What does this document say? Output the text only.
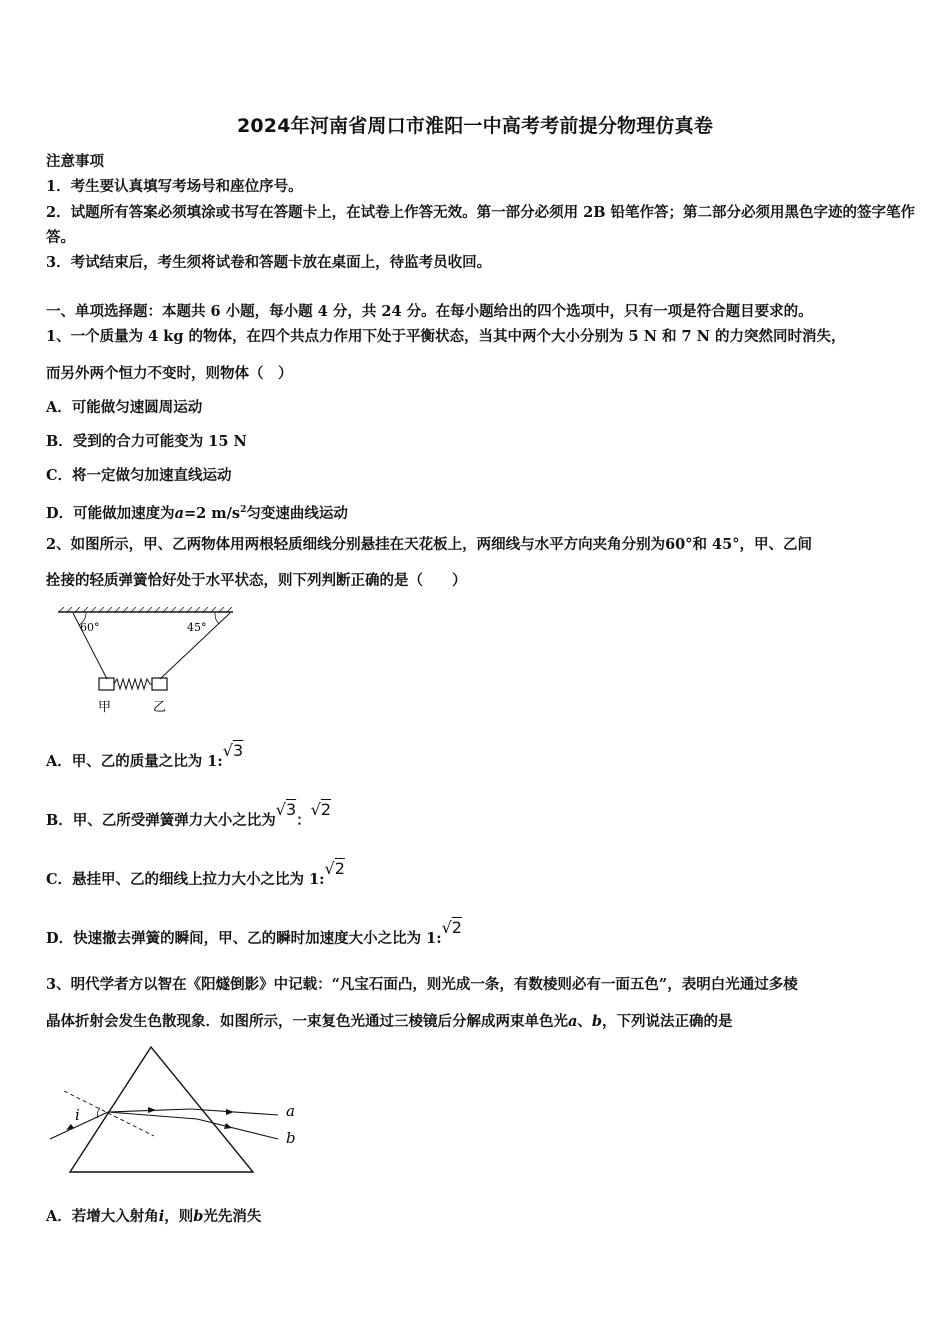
2024年河南省周口市淮阳一中高考考前提分物理仿真卷
注意事项
1．考生要认真填写考场号和座位序号。
2．试题所有答案必须填涂或书写在答题卡上，在试卷上作答无效。第一部分必须用 2B 铅笔作答；第二部分必须用黑色字迹的签字笔作答。
3．考试结束后，考生须将试卷和答题卡放在桌面上，待监考员收回。
一、单项选择题：本题共 6 小题，每小题 4 分，共 24 分。在每小题给出的四个选项中，只有一项是符合题目要求的。
1、一个质量为 4 kg 的物体，在四个共点力作用下处于平衡状态，当其中两个大小分别为 5 N 和 7 N 的力突然同时消失，
而另外两个恒力不变时，则物体（　）
A．可能做匀速圆周运动
B．受到的合力可能变为 15 N
C．将一定做匀加速直线运动
D．可能做加速度为a=2 $m/s^2$匀变速曲线运动
2、如图所示，甲、乙两物体用两根轻质细线分别悬挂在天花板上，两细线与水平方向夹角分别为60°和 45°，甲、乙间
拴接的轻质弹簧恰好处于水平状态，则下列判断正确的是（　　）
60°	45°
甲	乙
A．甲、乙的质量之比为 1:√3
B．甲、乙所受弹簧弹力大小之比为√3：√2
C．悬挂甲、乙的细线上拉力大小之比为 1:√2
D．快速撤去弹簧的瞬间，甲、乙的瞬时加速度大小之比为 1:√2
3、明代学者方以智在《阳燧倒影》中记载：“凡宝石面凸，则光成一条，有数棱则必有一面五色”，表明白光通过多棱
晶体折射会发生色散现象．如图所示，一束复色光通过三棱镜后分解成两束单色光a、b，下列说法正确的是
i	a
b
A．若增大入射角i，则b光先消失
